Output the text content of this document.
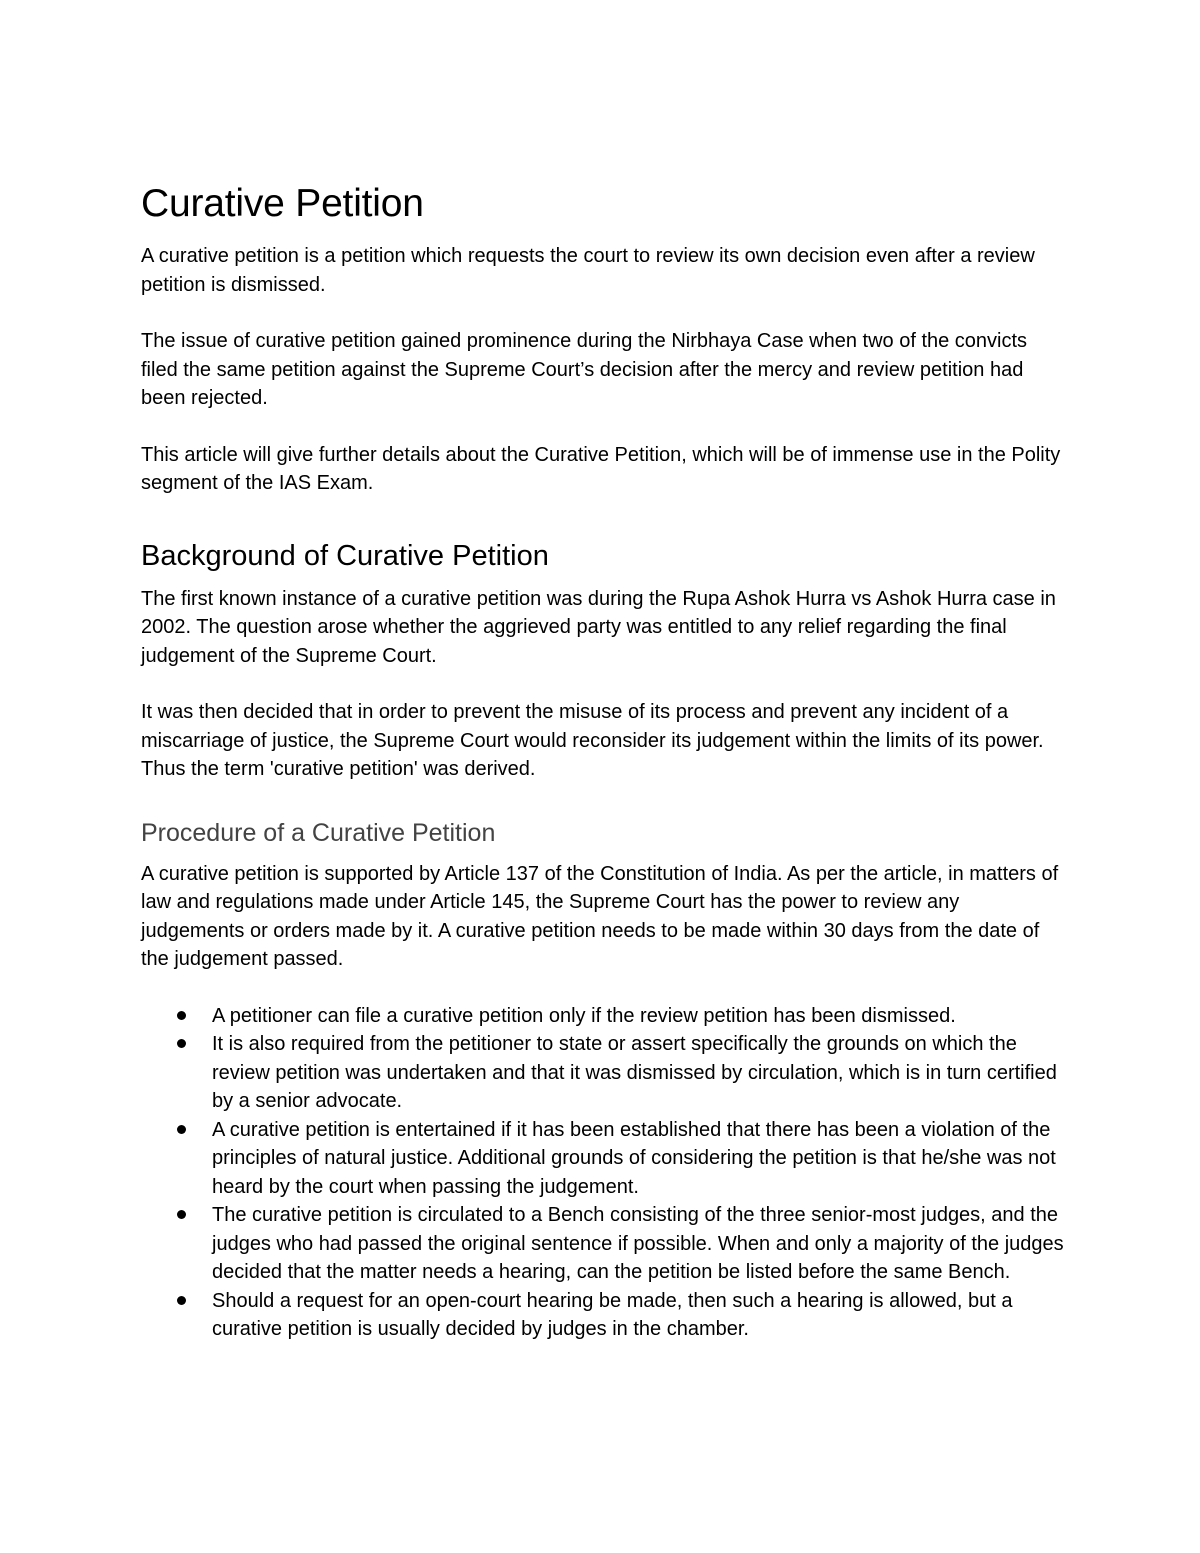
Curative Petition

A curative petition is a petition which requests the court to review its own decision even after a review petition is dismissed.

The issue of curative petition gained prominence during the Nirbhaya Case when two of the convicts filed the same petition against the Supreme Court’s decision after the mercy and review petition had been rejected.

This article will give further details about the Curative Petition, which will be of immense use in the Polity segment of the IAS Exam.

Background of Curative Petition

The first known instance of a curative petition was during the Rupa Ashok Hurra vs Ashok Hurra case in 2002. The question arose whether the aggrieved party was entitled to any relief regarding the final judgement of the Supreme Court.

It was then decided that in order to prevent the misuse of its process and prevent any incident of a miscarriage of justice, the Supreme Court would reconsider its judgement within the limits of its power. Thus the term 'curative petition' was derived.

Procedure of a Curative Petition

A curative petition is supported by Article 137 of the Constitution of India. As per the article, in matters of law and regulations made under Article 145, the Supreme Court has the power to review any judgements or orders made by it. A curative petition needs to be made within 30 days from the date of the judgement passed.

A petitioner can file a curative petition only if the review petition has been dismissed.
It is also required from the petitioner to state or assert specifically the grounds on which the review petition was undertaken and that it was dismissed by circulation, which is in turn certified by a senior advocate.
A curative petition is entertained if it has been established that there has been a violation of the principles of natural justice. Additional grounds of considering the petition is that he/she was not heard by the court when passing the judgement.
The curative petition is circulated to a Bench consisting of the three senior-most judges, and the judges who had passed the original sentence if possible. When and only a majority of the judges decided that the matter needs a hearing, can the petition be listed before the same Bench.
Should a request for an open-court hearing be made, then such a hearing is allowed, but a curative petition is usually decided by judges in the chamber.
